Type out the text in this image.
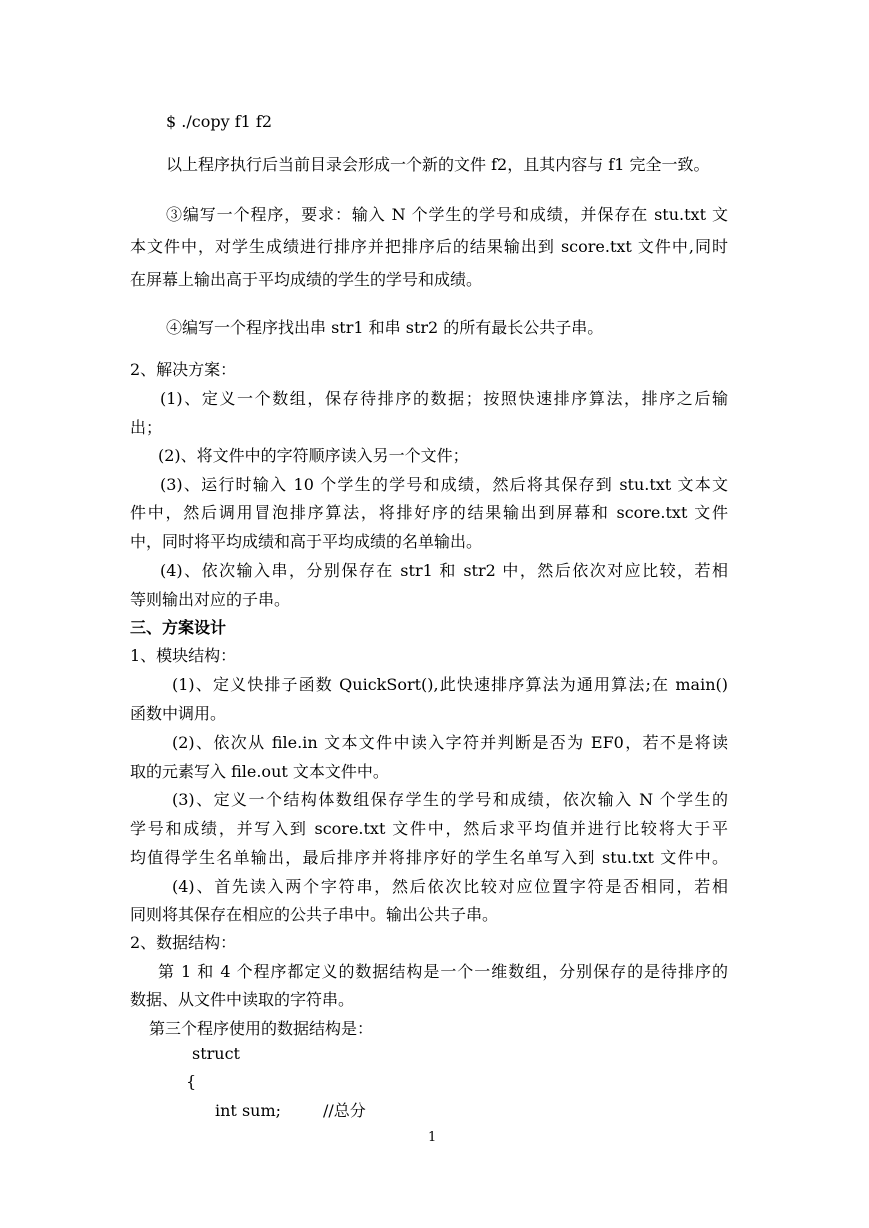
$ ./copy f1 f2
以上程序执行后当前目录会形成一个新的文件 f2，且其内容与 f1 完全一致。
③编写一个程序，要求：输入 N 个学生的学号和成绩，并保存在 stu.txt 文
本文件中，对学生成绩进行排序并把排序后的结果输出到 score.txt 文件中,同时
在屏幕上输出高于平均成绩的学生的学号和成绩。
④编写一个程序找出串 str1 和串 str2 的所有最长公共子串。
2、解决方案：
(1)、定义一个数组，保存待排序的数据；按照快速排序算法，排序之后输
出；
(2)、将文件中的字符顺序读入另一个文件；
(3)、运行时输入 10 个学生的学号和成绩，然后将其保存到 stu.txt 文本文
件中，然后调用冒泡排序算法，将排好序的结果输出到屏幕和 score.txt 文件
中，同时将平均成绩和高于平均成绩的名单输出。
(4)、依次输入串，分别保存在 str1 和 str2 中，然后依次对应比较，若相
等则输出对应的子串。
三、方案设计
1、模块结构：
(1)、定义快排子函数 QuickSort(),此快速排序算法为通用算法;在 main()
函数中调用。
(2)、依次从 file.in 文本文件中读入字符并判断是否为 EF0，若不是将读
取的元素写入 file.out 文本文件中。
(3)、定义一个结构体数组保存学生的学号和成绩，依次输入 N 个学生的
学号和成绩，并写入到 score.txt 文件中，然后求平均值并进行比较将大于平
均值得学生名单输出，最后排序并将排序好的学生名单写入到 stu.txt 文件中。
(4)、首先读入两个字符串，然后依次比较对应位置字符是否相同，若相
同则将其保存在相应的公共子串中。输出公共子串。
2、数据结构：
第 1 和 4 个程序都定义的数据结构是一个一维数组，分别保存的是待排序的
数据、从文件中读取的字符串。
第三个程序使用的数据结构是：
struct
{
int sum;	//总分
1
